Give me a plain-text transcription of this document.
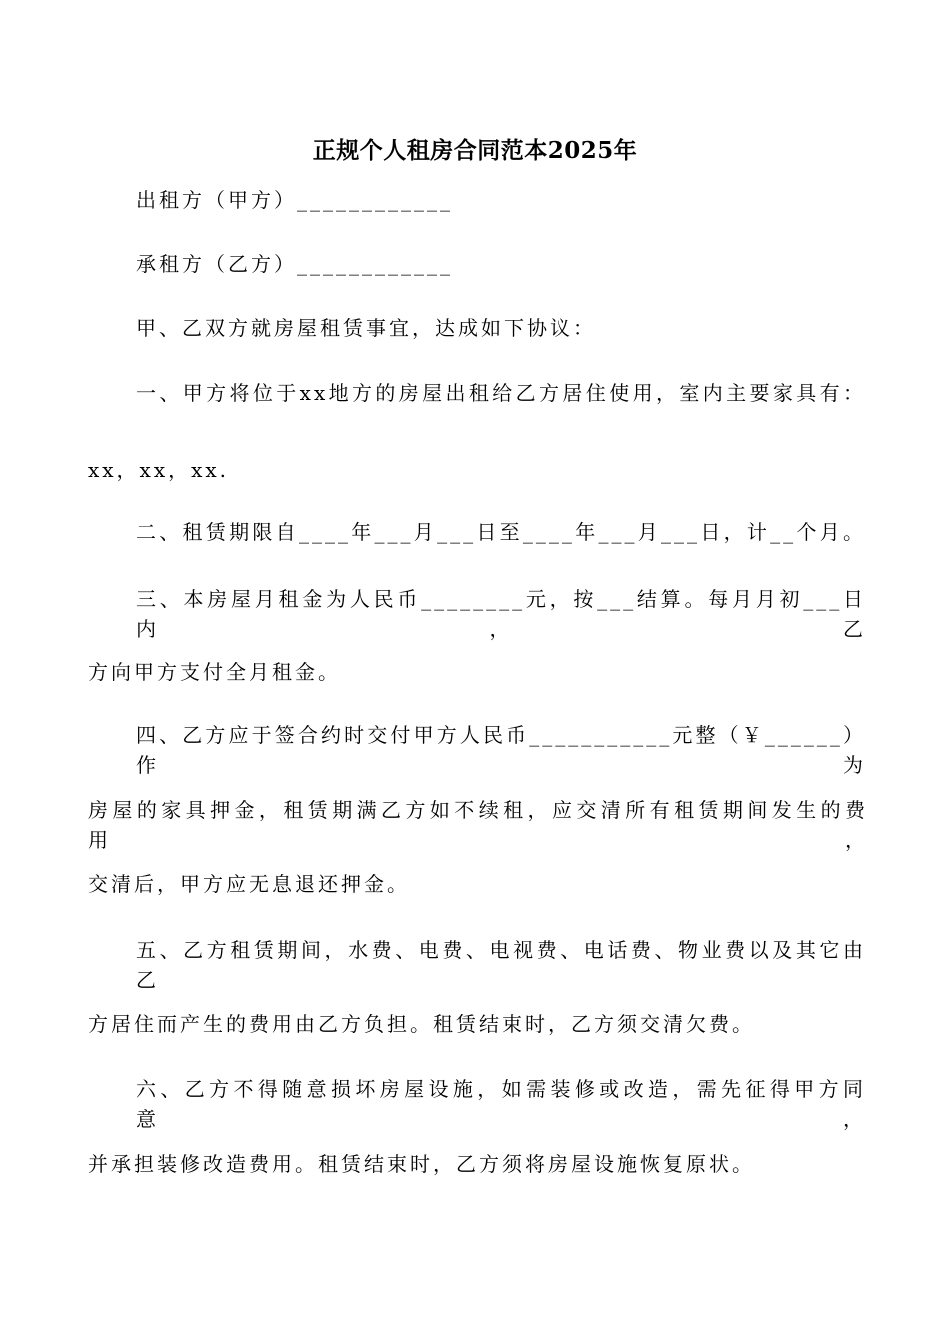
正规个人租房合同范本2025年
出租方（甲方）____________
承租方（乙方）____________
甲、乙双方就房屋租赁事宜，达成如下协议：
一、甲方将位于xx地方的房屋出租给乙方居住使用，室内主要家具有：
xx，xx，xx.
二、租赁期限自____年___月___日至____年___月___日，计__个月。
三、本房屋月租金为人民币________元，按___结算。每月月初___日内，乙
方向甲方支付全月租金。
四、乙方应于签合约时交付甲方人民币___________元整（￥______）作为
房屋的家具押金，租赁期满乙方如不续租，应交清所有租赁期间发生的费用，
交清后，甲方应无息退还押金。
五、乙方租赁期间，水费、电费、电视费、电话费、物业费以及其它由乙
方居住而产生的费用由乙方负担。租赁结束时，乙方须交清欠费。
六、乙方不得随意损坏房屋设施，如需装修或改造，需先征得甲方同意，
并承担装修改造费用。租赁结束时，乙方须将房屋设施恢复原状。
